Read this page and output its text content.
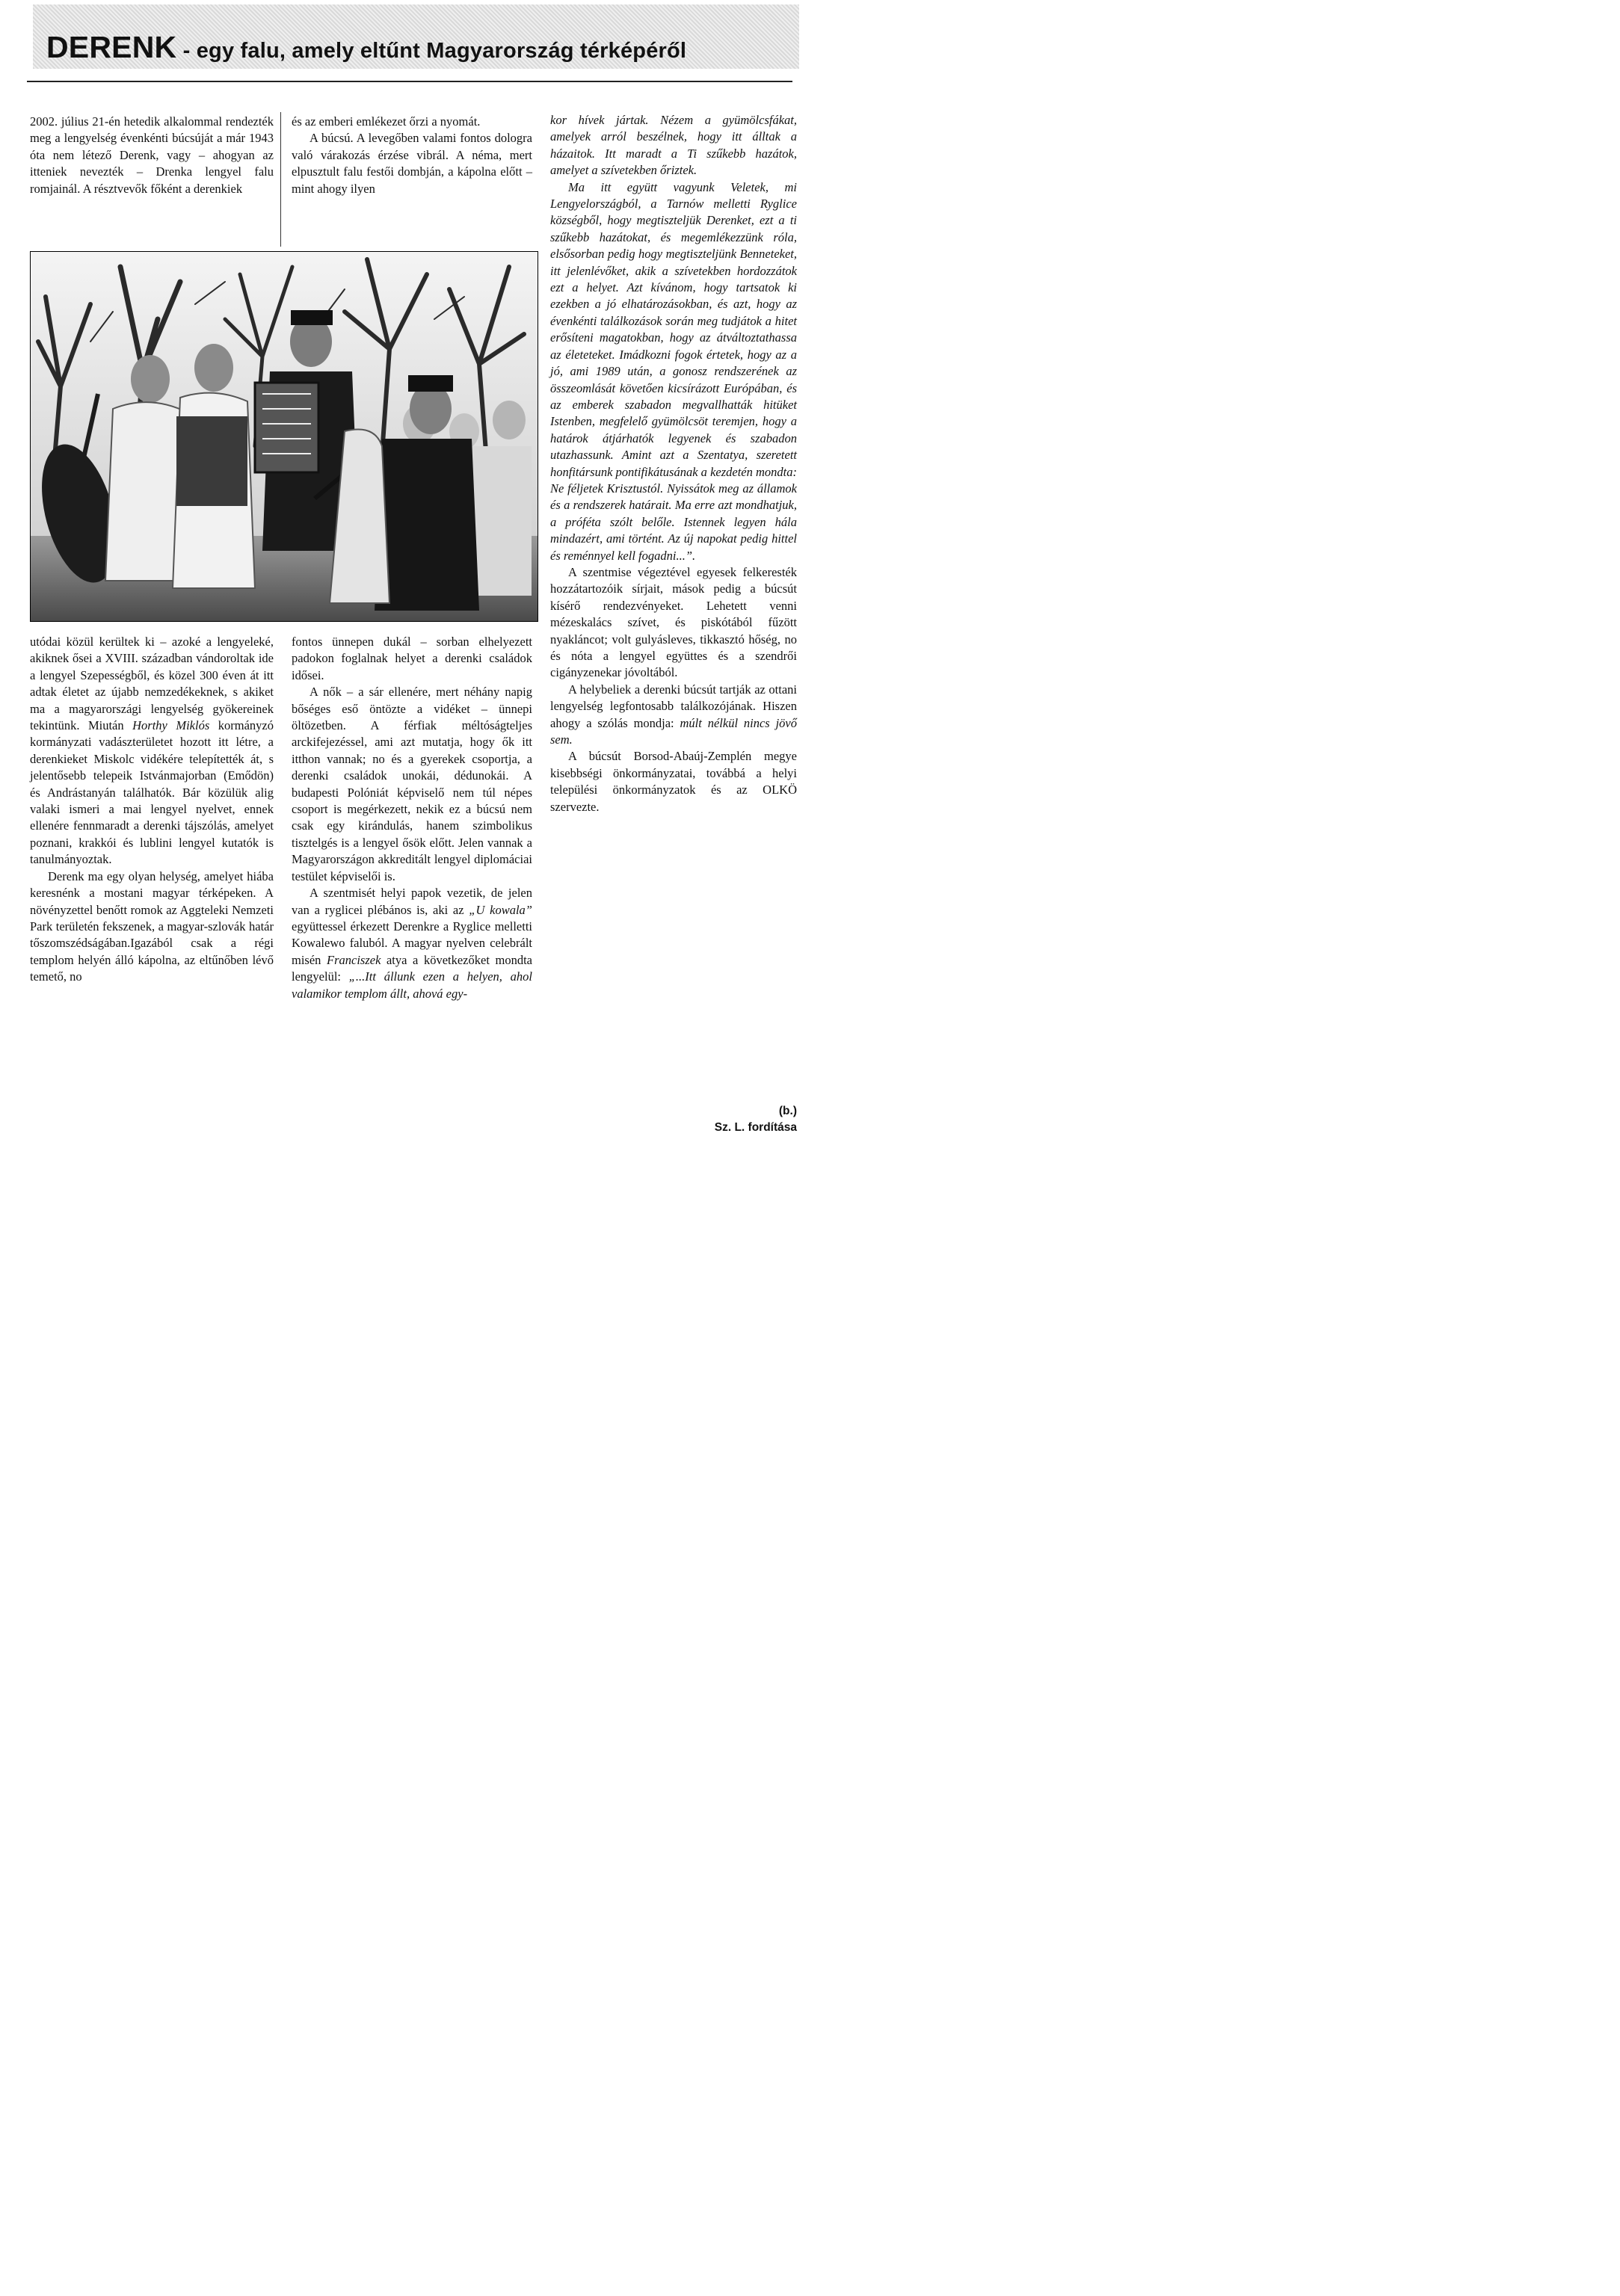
DERENK - egy falu, amely eltűnt Magyarország térképéről

2002. július 21-én hetedik alkalommal rendezték meg a lengyelség évenkénti búcsúját a már 1943 óta nem létező Derenk, vagy – ahogyan az itteniek nevezték – Drenka lengyel falu romjainál. A résztvevők főként a derenkiek

és az emberi emlékezet őrzi a nyomát.

A búcsú. A levegőben valami fontos dologra való várakozás érzése vibrál. A néma, mert elpusztult falu festői dombján, a kápolna előtt – mint ahogy ilyen

utódai közül kerültek ki – azoké a lengyeleké, akiknek ősei a XVIII. században vándoroltak ide a lengyel Szepességből, és közel 300 éven át itt adtak életet az újabb nemzedékeknek, s akiket ma a magyarországi lengyelség gyökereinek tekintünk. Miután Horthy Miklós kormányzó kormányzati vadászterületet hozott itt létre, a derenkieket Miskolc vidékére telepítették át, s jelentősebb telepeik Istvánmajorban (Emődön) és Andrástanyán találhatók. Bár közülük alig valaki ismeri a mai lengyel nyelvet, ennek ellenére fennmaradt a derenki tájszólás, amelyet poznani, krakkói és lublini lengyel kutatók is tanulmányoztak.

Derenk ma egy olyan helység, amelyet hiába keresnénk a mostani magyar térképeken. A növényzettel benőtt romok az Aggteleki Nemzeti Park területén fekszenek, a magyar-szlovák határ tőszomszédságában.Igazából csak a régi templom helyén álló kápolna, az eltűnőben lévő temető, no

fontos ünnepen dukál – sorban elhelyezett padokon foglalnak helyet a derenki családok idősei.

A nők – a sár ellenére, mert néhány napig bőséges eső öntözte a vidéket – ünnepi öltözetben. A férfiak méltóságteljes arckifejezéssel, ami azt mutatja, hogy ők itt itthon vannak; no és a gyerekek csoportja, a derenki családok unokái, dédunokái. A budapesti Polóniát képviselő nem túl népes csoport is megérkezett, nekik ez a búcsú nem csak egy kirándulás, hanem szimbolikus tisztelgés is a lengyel ősök előtt. Jelen vannak a Magyarországon akkreditált lengyel diplomáciai testület képviselői is.

A szentmisét helyi papok vezetik, de jelen van a ryglicei plébános is, aki az „U kowala” együttessel érkezett Derenkre a Ryglice melletti Kowalewo faluból. A magyar nyelven celebrált misén Franciszek atya a következőket mondta lengyelül: „...Itt állunk ezen a helyen, ahol valamikor templom állt, ahová egy-

kor hívek jártak. Nézem a gyümölcsfákat, amelyek arról beszélnek, hogy itt álltak a házaitok. Itt maradt a Ti szűkebb hazátok, amelyet a szívetekben őriztek.

Ma itt együtt vagyunk Veletek, mi Lengyelországból, a Tarnów melletti Ryglice községből, hogy megtiszteljük Derenket, ezt a ti szűkebb hazátokat, és megemlékezzünk róla, elsősorban pedig hogy megtiszteljünk Benneteket, itt jelenlévőket, akik a szívetekben hordozzátok ezt a helyet. Azt kívánom, hogy tartsatok ki ezekben a jó elhatározásokban, és azt, hogy az évenkénti találkozások során meg tudjátok a hitet erősíteni magatokban, hogy az átváltoztathassa az életeteket. Imádkozni fogok értetek, hogy az a jó, ami 1989 után, a gonosz rendszerének az összeomlását követően kicsírázott Európában, és az emberek szabadon megvallhatták hitüket Istenben, megfelelő gyümölcsöt teremjen, hogy a határok átjárhatók legyenek és szabadon utazhassunk. Amint azt a Szentatya, szeretett honfitársunk pontifikátusának a kezdetén mondta: Ne féljetek Krisztustól. Nyissátok meg az államok és a rendszerek határait. Ma erre azt mondhatjuk, a próféta szólt belőle. Istennek legyen hála mindazért, ami történt. Az új napokat pedig hittel és reménnyel kell fogadni...”.

A szentmise végeztével egyesek felkeresték hozzátartozóik sírjait, mások pedig a búcsút kísérő rendezvényeket. Lehetett venni mézeskalács szívet, és piskótából fűzött nyakláncot; volt gulyásleves, tikkasztó hőség, no és nóta a lengyel együttes és a szendrői cigányzenekar jóvoltából.

A helybeliek a derenki búcsút tartják az ottani lengyelség legfontosabb találkozójának. Hiszen ahogy a szólás mondja: múlt nélkül nincs jövő sem.

A búcsút Borsod-Abaúj-Zemplén megye kisebbségi önkormányzatai, továbbá a helyi települési önkormányzatok és az OLKÖ szervezte.

(b.)
Sz. L. fordítása
